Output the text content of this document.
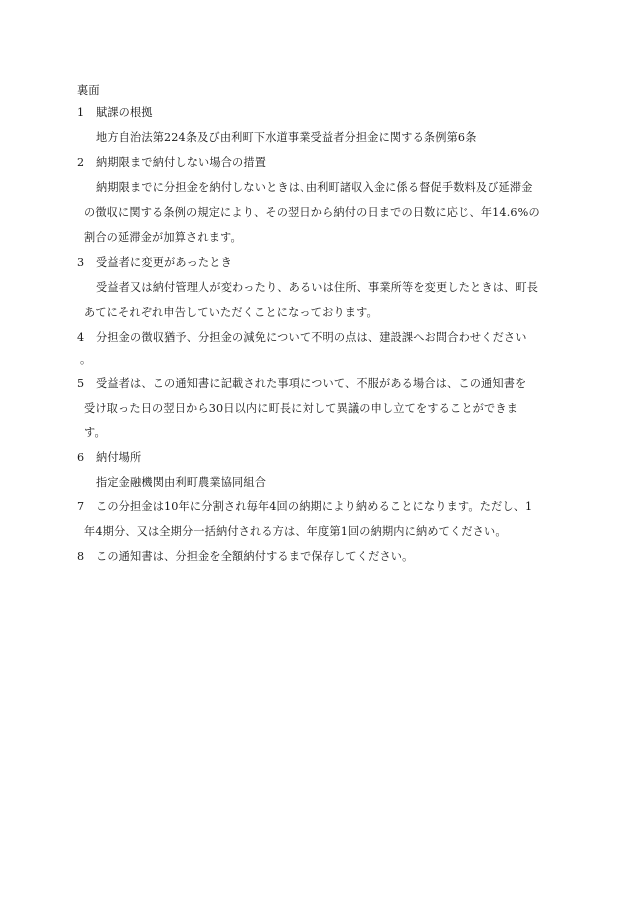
裏面
1 賦課の根拠
地方自治法第224条及び由利町下水道事業受益者分担金に関する条例第6条
2 納期限まで納付しない場合の措置
納期限までに分担金を納付しないときは､由利町諸収入金に係る督促手数料及び延滞金
の徴収に関する条例の規定により、その翌日から納付の日までの日数に応じ、年14.6%の
割合の延滞金が加算されます。
3 受益者に変更があったとき
受益者又は納付管理人が変わったり、あるいは住所、事業所等を変更したときは、町長
あてにそれぞれ申告していただくことになっております。
4 分担金の徴収猶予、分担金の減免について不明の点は、建設課へお問合わせください
。
5 受益者は、この通知書に記載された事項について、不服がある場合は、この通知書を
受け取った日の翌日から30日以内に町長に対して異議の申し立てをすることができま
す。
6 納付場所
指定金融機関由利町農業協同組合
7 この分担金は10年に分割され毎年4回の納期により納めることになります。ただし、1
年4期分、又は全期分一括納付される方は、年度第1回の納期内に納めてください。
8 この通知書は、分担金を全額納付するまで保存してください。
